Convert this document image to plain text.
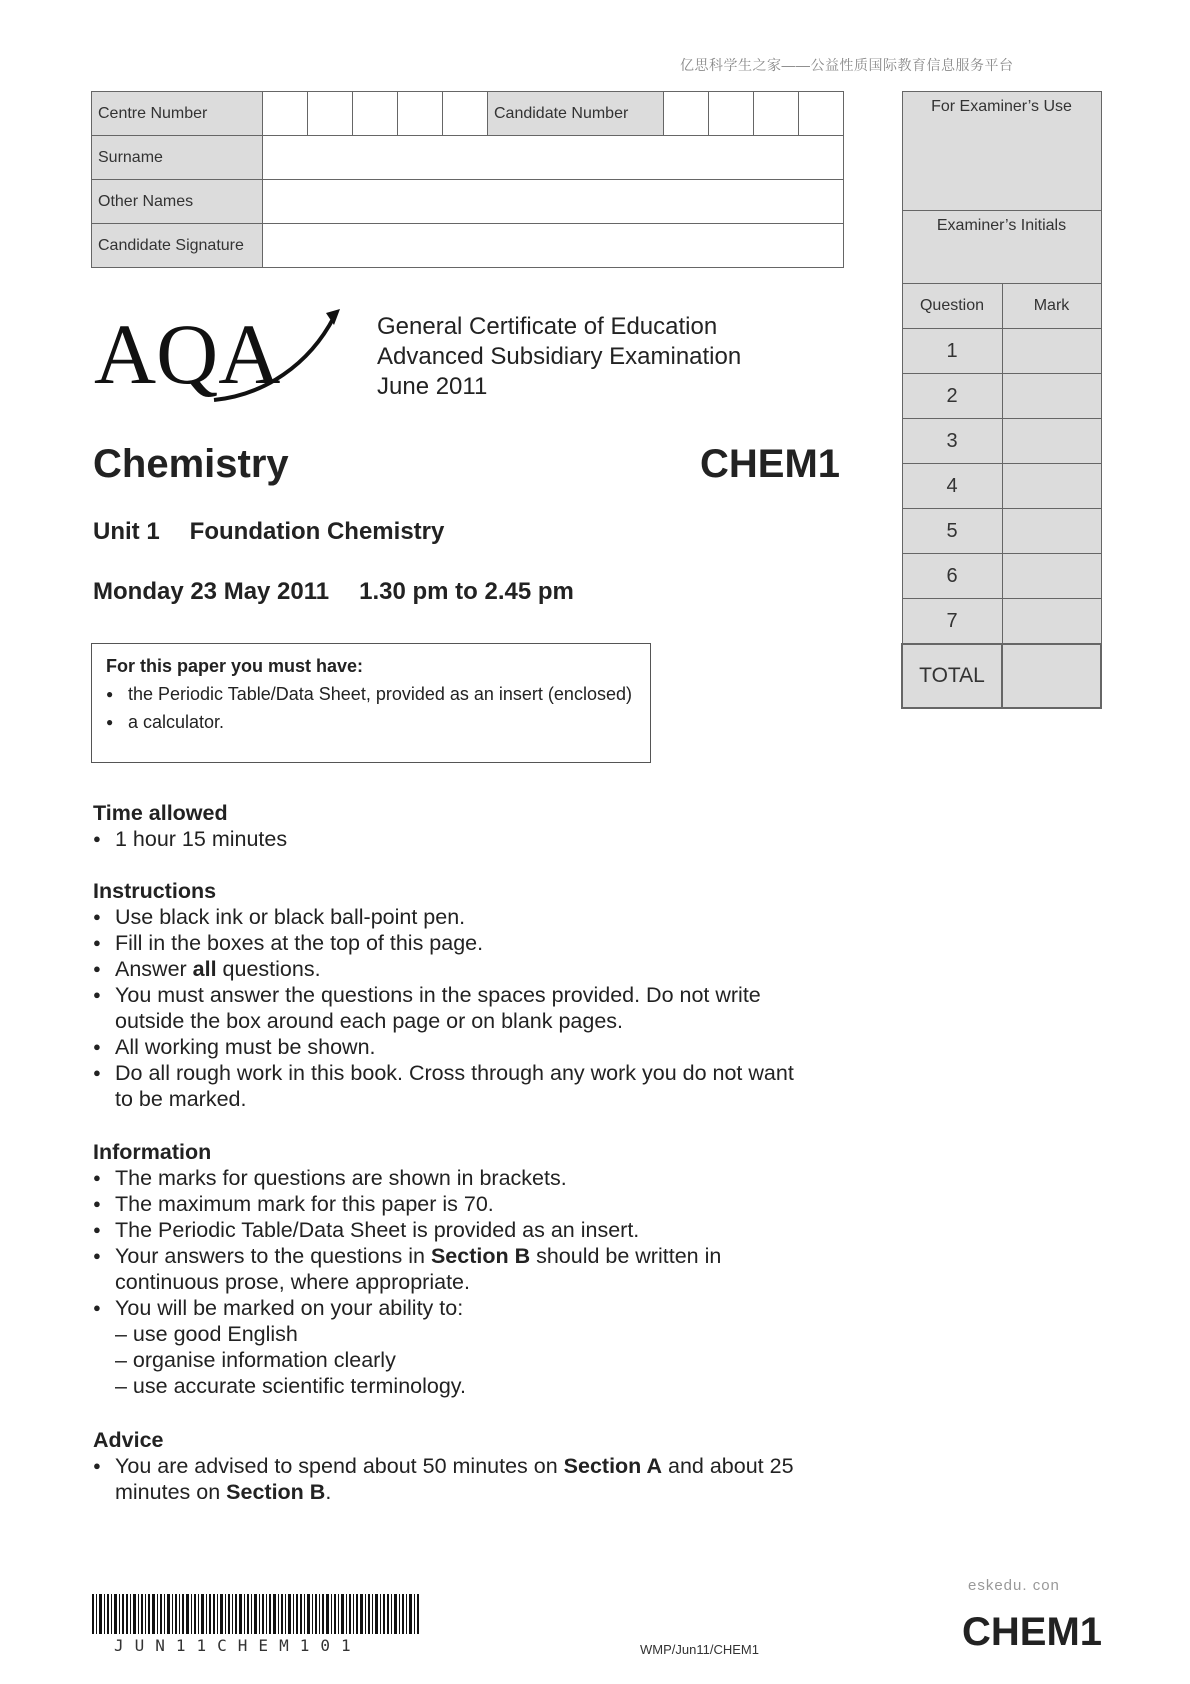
亿思科学生之家——公益性质国际教育信息服务平台
Centre Number						Candidate Number				
Surname										
Other Names										
Candidate Signature										
For Examiner’s Use	
Examiner’s Initials	
Question	Mark
1	
2	
3	
4	
5	
6	
7	
TOTAL	
AQA	General Certificate of Education
Advanced Subsidiary Examination
June 2011
Chemistry	CHEM1
Unit 1 Foundation Chemistry
Monday 23 May 2011 1.30 pm to 2.45 pm
For this paper you must have:
● the Periodic Table/Data Sheet, provided as an insert (enclosed)
● a calculator.
Time allowed
● 1 hour 15 minutes
Instructions
● Use black ink or black ball-point pen.
● Fill in the boxes at the top of this page.
● Answer all questions.
● You must answer the questions in the spaces provided. Do not write outside the box around each page or on blank pages.
● All working must be shown.
● Do all rough work in this book. Cross through any work you do not want to be marked.
Information
● The marks for questions are shown in brackets.
● The maximum mark for this paper is 70.
● The Periodic Table/Data Sheet is provided as an insert.
● Your answers to the questions in Section B should be written in continuous prose, where appropriate.
● You will be marked on your ability to:
– use good English
– organise information clearly
– use accurate scientific terminology.
Advice
● You are advised to spend about 50 minutes on Section A and about 25 minutes on Section B.
JUN11CHEM101	WMP/Jun11/CHEM1
eskedu. con
CHEM1
